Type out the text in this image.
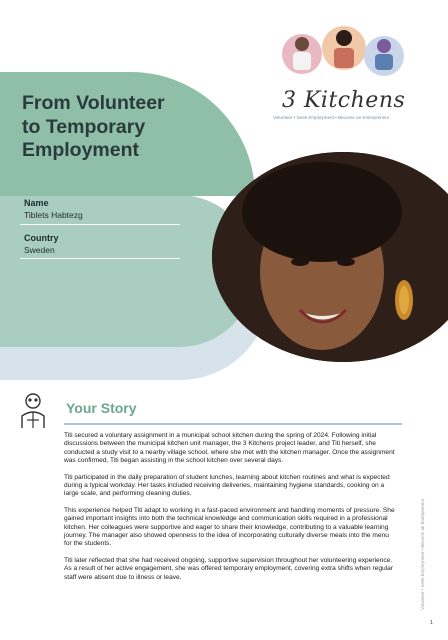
From Volunteer
to Temporary
Employment
Name
Tiblets Habtezg
Country
Sweden
3 Kitchens
Volunteer • Seek Employment • Become an Entrepreneur
Your Story

Titi secured a voluntary assignment in a municipal school kitchen during the spring of 2024. Following initial discussions between the municipal kitchen unit manager, the 3 Kitchens project leader, and Titi herself, she conducted a study visit to a nearby village school, where she met with the kitchen manager. Once the assignment was confirmed, Titi began assisting in the school kitchen over several days.

Titi participated in the daily preparation of student lunches, learning about kitchen routines and what is expected during a typical workday. Her tasks included receiving deliveries, maintaining hygiene standards, cooking on a large scale, and performing cleaning duties.

This experience helped Titi adapt to working in a fast-paced environment and handling moments of pressure. She gained important insights into both the technical knowledge and communication skills required in a professional kitchen. Her colleagues were supportive and eager to share their knowledge, contributing to a valuable learning journey. The manager also showed openness to the idea of incorporating culturally diverse meals into the menu for the students.

Titi later reflected that she had received ongoing, supportive supervision throughout her volunteering experience. As a result of her active engagement, she was offered temporary employment, covering extra shifts when regular staff were absent due to illness or leave.	Volunteer • Seek Employment • Become an Entrepreneur
1
